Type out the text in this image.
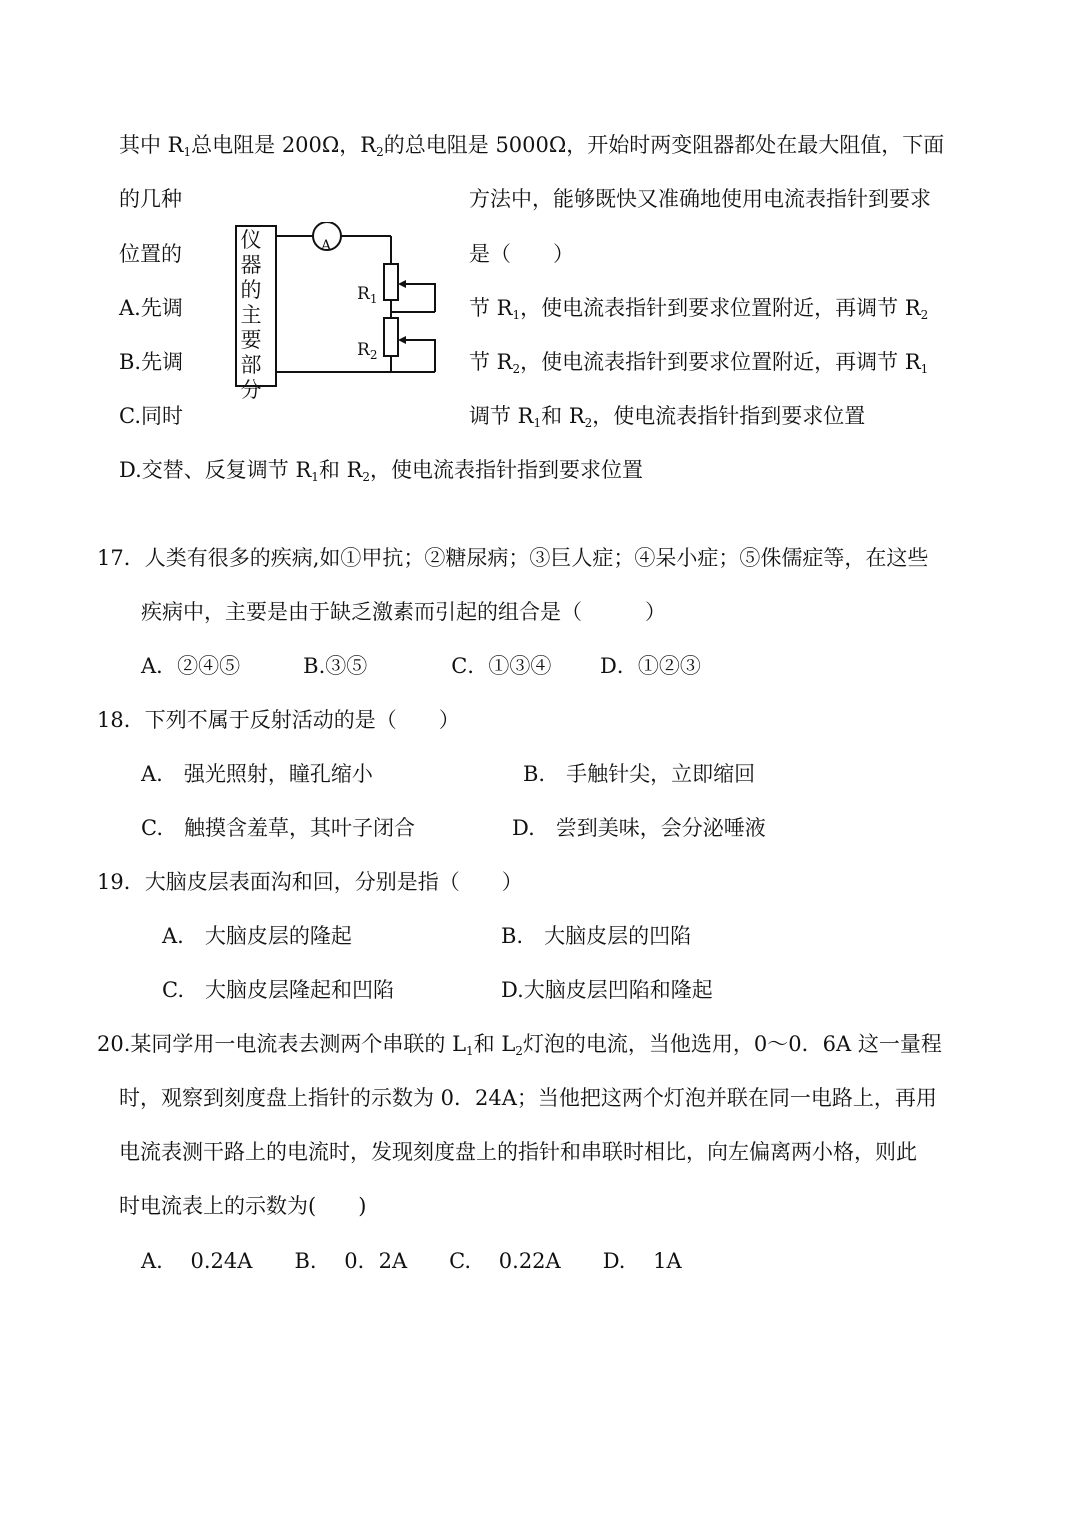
其中 $R_1$总电阻是 200Ω，$R_2$的总电阻是 5000Ω，开始时两变阻器都处在最大阻值，下面
的几种	方法中，能够既快又准确地使用电流表指针到要求
位置的	是（　　）
A.先调	节 $R_1$，使电流表指针到要求位置附近，再调节 $R_2$
B.先调	节 $R_2$，使电流表指针到要求位置附近，再调节 $R_1$
C.同时	调节 $R_1$和 $R_2$，使电流表指针指到要求位置
D.交替、反复调节 $R_1$和 $R_2$，使电流表指针指到要求位置
仪
器
的
主
要
部
分
A
$R_1$
$R_2$
17．人类有很多的疾病,如①甲抗；②糖尿病；③巨人症；④呆小症；⑤侏儒症等，在这些
疾病中，主要是由于缺乏激素而引起的组合是（　　　）
A．②④⑤　　　B.③⑤　　　　C．①③④　　 D．①②③
18．下列不属于反射活动的是（　　）
A.　强光照射，瞳孔缩小	B.　手触针尖，立即缩回
C.　触摸含羞草，其叶子闭合	D.　尝到美味，会分泌唾液
19．大脑皮层表面沟和回，分别是指（　　）
A.　大脑皮层的隆起	B.　大脑皮层的凹陷
C.　大脑皮层隆起和凹陷	D.大脑皮层凹陷和隆起
20.某同学用一电流表去测两个串联的 $L_1$和 $L_2$灯泡的电流，当他选用，0～0．6A 这一量程
时，观察到刻度盘上指针的示数为 0．24A；当他把这两个灯泡并联在同一电路上，再用
电流表测干路上的电流时，发现刻度盘上的指针和串联时相比，向左偏离两小格，则此
时电流表上的示数为(　　)
A.　 0.24A　　B.　 0．2A　　C.　 0.22A　　D.　 1A
